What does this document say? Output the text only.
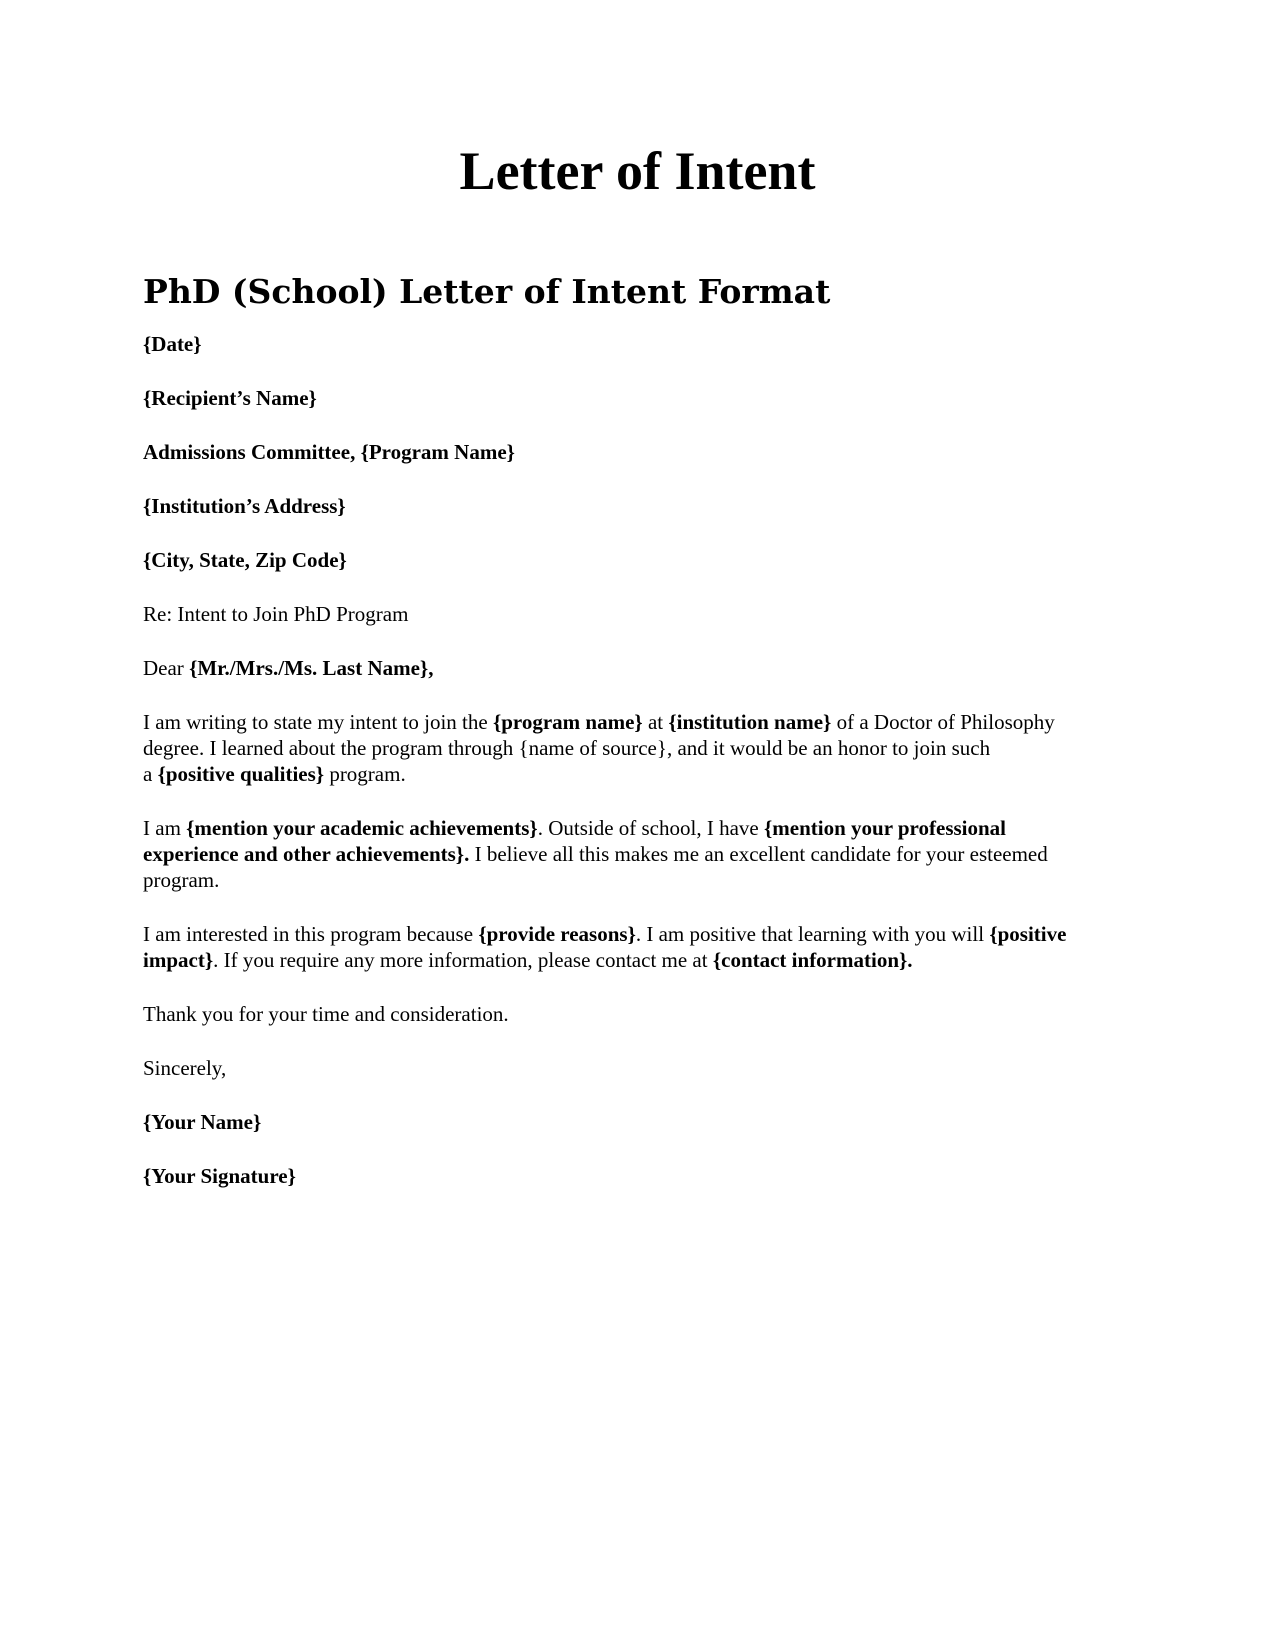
Letter of Intent
PhD (School) Letter of Intent Format

{Date}

{Recipient’s Name}

Admissions Committee, {Program Name}

{Institution’s Address}

{City, State, Zip Code}

Re: Intent to Join PhD Program

Dear {Mr./Mrs./Ms. Last Name},

I am writing to state my intent to join the {program name} at {institution name} of a Doctor of Philosophy
degree. I learned about the program through {name of source}, and it would be an honor to join such
a {positive qualities} program.

I am {mention your academic achievements}. Outside of school, I have {mention your professional
experience and other achievements}. I believe all this makes me an excellent candidate for your esteemed
program.

I am interested in this program because {provide reasons}. I am positive that learning with you will {positive
impact}. If you require any more information, please contact me at {contact information}.

Thank you for your time and consideration.

Sincerely,

{Your Name}

{Your Signature}
